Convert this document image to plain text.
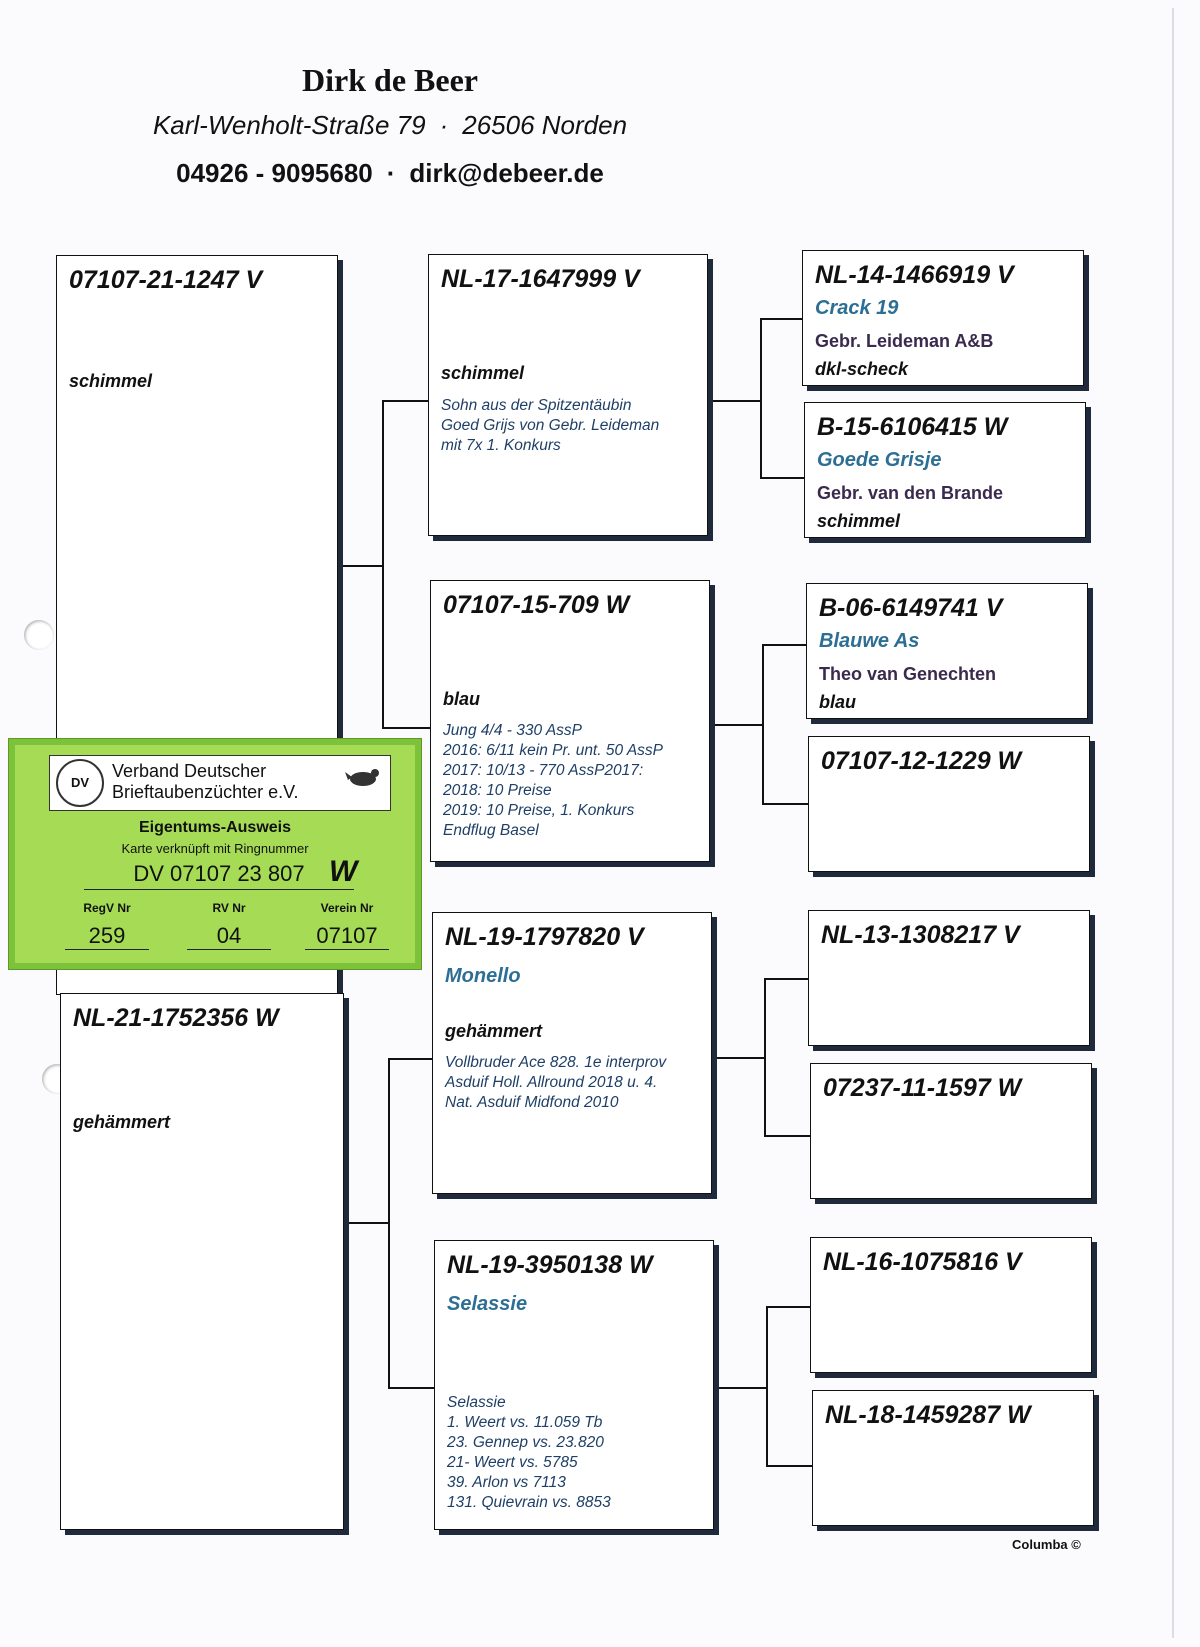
Dirk de Beer
Karl-Wenholt-Straße 79 · 26506 Norden
04926 - 9095680 · dirk@debeer.de
07107-21-1247 V
schimmel
NL-21-1752356 W
gehämmert
NL-17-1647999 V
schimmel
Sohn aus der Spitzentäubin
Goed Grijs von Gebr. Leideman
mit 7x 1. Konkurs
07107-15-709 W
blau
Jung 4/4 - 330 AssP
2016: 6/11 kein Pr. unt. 50 AssP
2017: 10/13 - 770 AssP2017:
2018: 10 Preise
2019: 10 Preise, 1. Konkurs
Endflug Basel
NL-19-1797820 V
Monello
gehämmert
Vollbruder Ace 828. 1e interprov
Asduif Holl. Allround 2018 u. 4.
Nat. Asduif Midfond 2010
NL-19-3950138 W
Selassie
Selassie
1. Weert vs. 11.059 Tb
23. Gennep vs. 23.820
21- Weert vs. 5785
39. Arlon vs 7113
131. Quievrain vs. 8853
NL-14-1466919 V
Crack 19
Gebr. Leideman A&B
dkl-scheck
B-15-6106415 W
Goede Grisje
Gebr. van den Brande
schimmel
B-06-6149741 V
Blauwe As
Theo van Genechten
blau
07107-12-1229 W
NL-13-1308217 V
07237-11-1597 W
NL-16-1075816 V
NL-18-1459287 W
DV
Verband Deutscher
Brieftaubenzüchter e.V.
Eigentums-Ausweis
Karte verknüpft mit Ringnummer
DV 07107 23 807 W
RegV Nr	RV Nr	Verein Nr
259	04	07107
Columba ©
